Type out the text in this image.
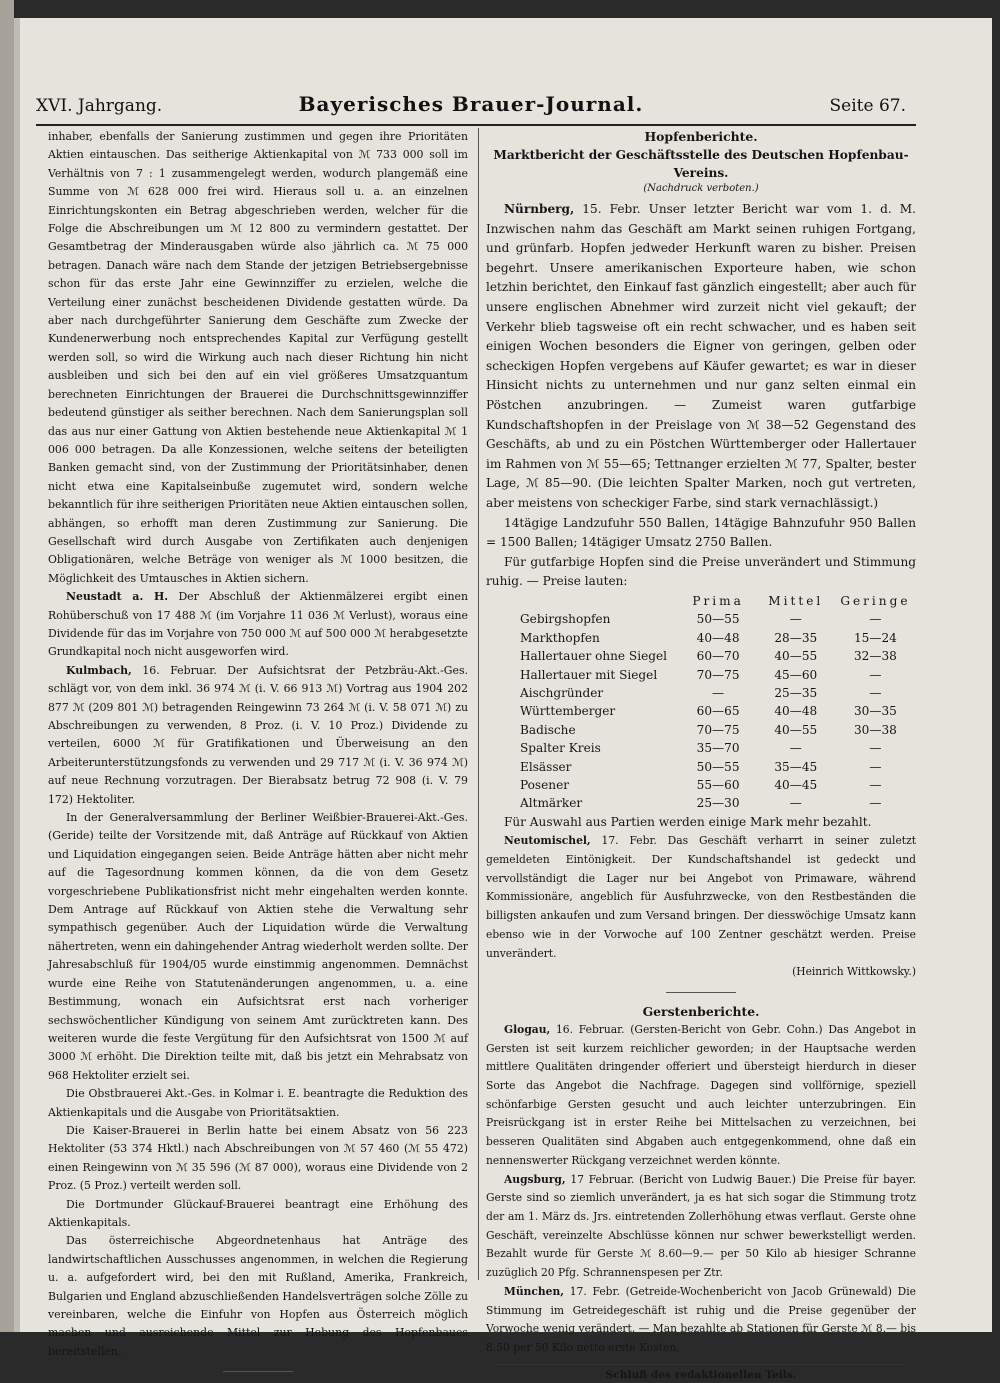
XVI. Jahrgang.	Bayerisches Brauer-Journal.	Seite 67.

inhaber, ebenfalls der Sanierung zustimmen und gegen ihre Prioritäten Aktien eintauschen. Das seitherige Aktienkapital von ℳ 733 000 soll im Verhältnis von 7 : 1 zusammengelegt werden, wodurch plangemäß eine Summe von ℳ 628 000 frei wird. Hieraus soll u. a. an einzelnen Einrichtungskonten ein Betrag abgeschrieben werden, welcher für die Folge die Abschreibungen um ℳ 12 800 zu vermindern gestattet. Der Gesamtbetrag der Minderausgaben würde also jährlich ca. ℳ 75 000 betragen. Danach wäre nach dem Stande der jetzigen Betriebsergebnisse schon für das erste Jahr eine Gewinnziffer zu erzielen, welche die Verteilung einer zunächst bescheidenen Dividende gestatten würde. Da aber nach durchgeführter Sanierung dem Geschäfte zum Zwecke der Kundenerwerbung noch entsprechendes Kapital zur Verfügung gestellt werden soll, so wird die Wirkung auch nach dieser Richtung hin nicht ausbleiben und sich bei den auf ein viel größeres Umsatzquantum berechneten Einrichtungen der Brauerei die Durchschnittsgewinnziffer bedeutend günstiger als seither berechnen. Nach dem Sanierungsplan soll das aus nur einer Gattung von Aktien bestehende neue Aktienkapital ℳ 1 006 000 betragen. Da alle Konzessionen, welche seitens der beteiligten Banken gemacht sind, von der Zustimmung der Prioritätsinhaber, denen nicht etwa eine Kapitalseinbuße zugemutet wird, sondern welche bekanntlich für ihre seitherigen Prioritäten neue Aktien eintauschen sollen, abhängen, so erhofft man deren Zustimmung zur Sanierung. Die Gesellschaft wird durch Ausgabe von Zertifikaten auch denjenigen Obligationären, welche Beträge von weniger als ℳ 1000 besitzen, die Möglichkeit des Umtausches in Aktien sichern.

Neustadt a. H. Der Abschluß der Aktienmälzerei ergibt einen Rohüberschuß von 17 488 ℳ (im Vorjahre 11 036 ℳ Verlust), woraus eine Dividende für das im Vorjahre von 750 000 ℳ auf 500 000 ℳ herabgesetzte Grundkapital noch nicht ausgeworfen wird.

Kulmbach, 16. Februar. Der Aufsichtsrat der Petzbräu-Akt.-Ges. schlägt vor, von dem inkl. 36 974 ℳ (i. V. 66 913 ℳ) Vortrag aus 1904 202 877 ℳ (209 801 ℳ) betragenden Reingewinn 73 264 ℳ (i. V. 58 071 ℳ) zu Abschreibungen zu verwenden, 8 Proz. (i. V. 10 Proz.) Dividende zu verteilen, 6000 ℳ für Gratifikationen und Überweisung an den Arbeiterunterstützungsfonds zu verwenden und 29 717 ℳ (i. V. 36 974 ℳ) auf neue Rechnung vorzutragen. Der Bierabsatz betrug 72 908 (i. V. 79 172) Hektoliter.

In der Generalversammlung der Berliner Weißbier-Brauerei-Akt.-Ges. (Geride) teilte der Vorsitzende mit, daß Anträge auf Rückkauf von Aktien und Liquidation eingegangen seien. Beide Anträge hätten aber nicht mehr auf die Tagesordnung kommen können, da die von dem Gesetz vorgeschriebene Publikationsfrist nicht mehr eingehalten werden konnte. Dem Antrage auf Rückkauf von Aktien stehe die Verwaltung sehr sympathisch gegenüber. Auch der Liquidation würde die Verwaltung nähertreten, wenn ein dahingehender Antrag wiederholt werden sollte. Der Jahresabschluß für 1904/05 wurde einstimmig angenommen. Demnächst wurde eine Reihe von Statutenänderungen angenommen, u. a. eine Bestimmung, wonach ein Aufsichtsrat erst nach vorheriger sechswöchentlicher Kündigung von seinem Amt zurücktreten kann. Des weiteren wurde die feste Vergütung für den Aufsichtsrat von 1500 ℳ auf 3000 ℳ erhöht. Die Direktion teilte mit, daß bis jetzt ein Mehrabsatz von 968 Hektoliter erzielt sei.

Die Obstbrauerei Akt.-Ges. in Kolmar i. E. beantragte die Reduktion des Aktienkapitals und die Ausgabe von Prioritätsaktien.

Die Kaiser-Brauerei in Berlin hatte bei einem Absatz von 56 223 Hektoliter (53 374 Hktl.) nach Abschreibungen von ℳ 57 460 (ℳ 55 472) einen Reingewinn von ℳ 35 596 (ℳ 87 000), woraus eine Dividende von 2 Proz. (5 Proz.) verteilt werden soll.

Die Dortmunder Glückauf-Brauerei beantragt eine Erhöhung des Aktienkapitals.

Das österreichische Abgeordnetenhaus hat Anträge des landwirtschaftlichen Ausschusses angenommen, in welchen die Regierung u. a. aufgefordert wird, bei den mit Rußland, Amerika, Frankreich, Bulgarien und England abzuschließenden Handelsverträgen solche Zölle zu vereinbaren, welche die Einfuhr von Hopfen aus Österreich möglich machen und ausreichende Mittel zur Hebung des Hopfenbaues bereitstellen.

Hopfenberichte.
Marktbericht der Geschäftsstelle des Deutschen Hopfenbau-Vereins.
(Nachdruck verboten.)

Nürnberg, 15. Febr. Unser letzter Bericht war vom 1. d. M. Inzwischen nahm das Geschäft am Markt seinen ruhigen Fortgang, und grünfarb. Hopfen jedweder Herkunft waren zu bisher. Preisen begehrt. Unsere amerikanischen Exporteure haben, wie schon letzhin berichtet, den Einkauf fast gänzlich eingestellt; aber auch für unsere englischen Abnehmer wird zurzeit nicht viel gekauft; der Verkehr blieb tagsweise oft ein recht schwacher, und es haben seit einigen Wochen besonders die Eigner von geringen, gelben oder scheckigen Hopfen vergebens auf Käufer gewartet; es war in dieser Hinsicht nichts zu unternehmen und nur ganz selten einmal ein Pöstchen anzubringen. — Zumeist waren gutfarbige Kundschaftshopfen in der Preislage von ℳ 38—52 Gegenstand des Geschäfts, ab und zu ein Pöstchen Württemberger oder Hallertauer im Rahmen von ℳ 55—65; Tettnanger erzielten ℳ 77, Spalter, bester Lage, ℳ 85—90. (Die leichten Spalter Marken, noch gut vertreten, aber meistens von scheckiger Farbe, sind stark vernachlässigt.)

14tägige Landzufuhr 550 Ballen, 14tägige Bahnzufuhr 950 Ballen = 1500 Ballen; 14tägiger Umsatz 2750 Ballen.

Für gutfarbige Hopfen sind die Preise unverändert und Stimmung ruhig. — Preise lauten:

	Prima	Mittel	Geringe
Gebirgshopfen	50—55	—	—
Markthopfen	40—48	28—35	15—24
Hallertauer ohne Siegel	60—70	40—55	32—38
Hallertauer mit Siegel	70—75	45—60	—
Aischgründer	—	25—35	—
Württemberger	60—65	40—48	30—35
Badische	70—75	40—55	30—38
Spalter Kreis	35—70	—	—
Elsässer	50—55	35—45	—
Posener	55—60	40—45	—
Altmärker	25—30	—	—

Für Auswahl aus Partien werden einige Mark mehr bezahlt.

Neutomischel, 17. Febr. Das Geschäft verharrt in seiner zuletzt gemeldeten Eintönigkeit. Der Kundschaftshandel ist gedeckt und vervollständigt die Lager nur bei Angebot von Primaware, während Kommissionäre, angeblich für Ausfuhrzwecke, von den Restbeständen die billigsten ankaufen und zum Versand bringen. Der diesswöchige Umsatz kann ebenso wie in der Vorwoche auf 100 Zentner geschätzt werden. Preise unverändert.

(Heinrich Wittkowsky.)

Gerstenberichte.

Glogau, 16. Februar. (Gersten-Bericht von Gebr. Cohn.) Das Angebot in Gersten ist seit kurzem reichlicher geworden; in der Hauptsache werden mittlere Qualitäten dringender offeriert und übersteigt hierdurch in dieser Sorte das Angebot die Nachfrage. Dagegen sind vollförnige, speziell schönfarbige Gersten gesucht und auch leichter unterzubringen. Ein Preisrückgang ist in erster Reihe bei Mittelsachen zu verzeichnen, bei besseren Qualitäten sind Abgaben auch entgegenkommend, ohne daß ein nennenswerter Rückgang verzeichnet werden könnte.

Augsburg, 17 Februar. (Bericht von Ludwig Bauer.) Die Preise für bayer. Gerste sind so ziemlich unverändert, ja es hat sich sogar die Stimmung trotz der am 1. März ds. Jrs. eintretenden Zollerhöhung etwas verflaut. Gerste ohne Geschäft, vereinzelte Abschlüsse können nur schwer bewerkstelligt werden. Bezahlt wurde für Gerste ℳ 8.60—9.— per 50 Kilo ab hiesiger Schranne zuzüglich 20 Pfg. Schrannenspesen per Ztr.

München, 17. Febr. (Getreide-Wochenbericht von Jacob Grünewald) Die Stimmung im Getreidegeschäft ist ruhig und die Preise gegenüber der Vorwoche wenig verändert. — Man bezahlte ab Stationen für Gerste ℳ 8.— bis 8.50 per 50 Kilo netto erste Kosten.

Schluß des redaktionellen Teils.
